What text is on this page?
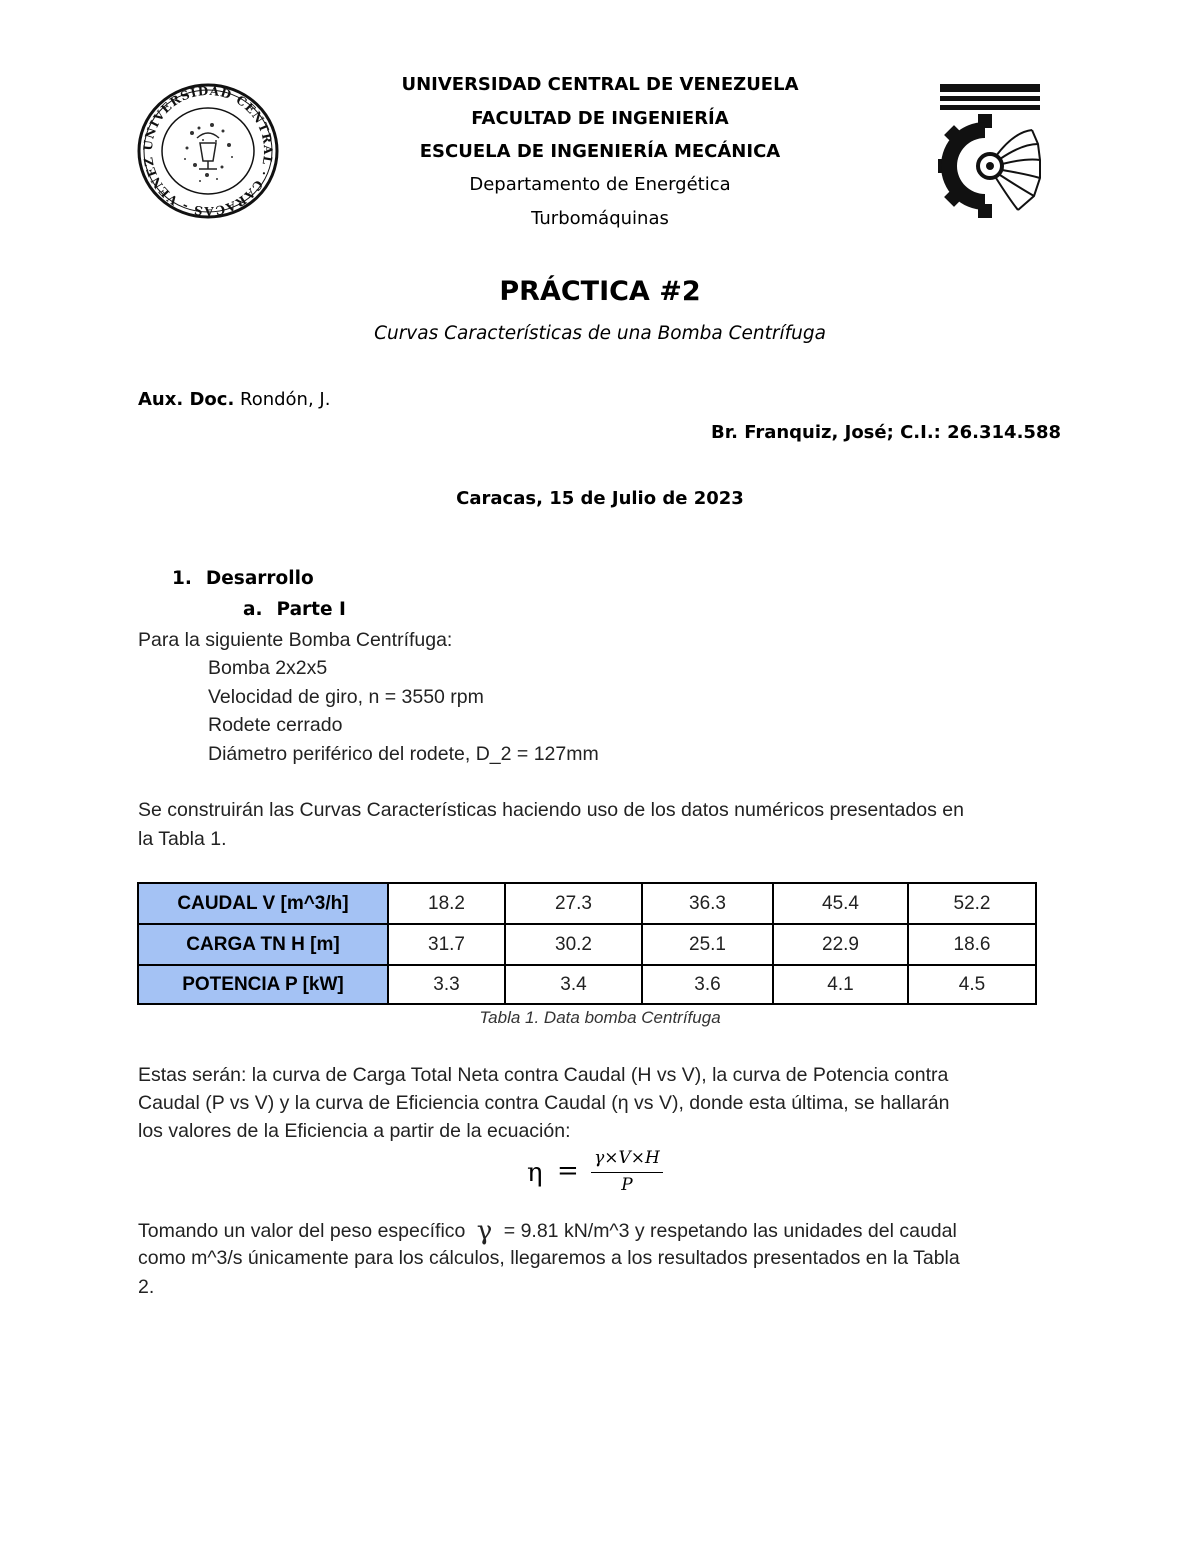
UNIVERSIDAD CENTRAL · CARACAS - VENEZ
UNIVERSIDAD CENTRAL DE VENEZUELA
FACULTAD DE INGENIERÍA
ESCUELA DE INGENIERÍA MECÁNICA
Departamento de Energética
Turbomáquinas
PRÁCTICA #2
Curvas Características de una Bomba Centrífuga
Aux. Doc. Rondón, J.
Br. Franquiz, José; C.I.: 26.314.588
Caracas, 15 de Julio de 2023
1. Desarrollo
a. Parte I
Para la siguiente Bomba Centrífuga:
Bomba 2x2x5
Velocidad de giro, n = 3550 rpm
Rodete cerrado
Diámetro periférico del rodete, D_2 = 127mm
Se construirán las Curvas Características haciendo uso de los datos numéricos presentados en
la Tabla 1.
CAUDAL V [m^3/h]	18.2	27.3	36.3	45.4	52.2
CARGA TN H [m]	31.7	30.2	25.1	22.9	18.6
POTENCIA P [kW]	3.3	3.4	3.6	4.1	4.5
Tabla 1. Data bomba Centrífuga
Estas serán: la curva de Carga Total Neta contra Caudal (H vs V), la curva de Potencia contra
Caudal (P vs V) y la curva de Eficiencia contra Caudal (η vs V), donde esta última, se hallarán
los valores de la Eficiencia a partir de la ecuación:
η = γ×V×H
P
Tomando un valor del peso específico γ = 9.81 kN/m^3 y respetando las unidades del caudal
como m^3/s únicamente para los cálculos, llegaremos a los resultados presentados en la Tabla
2.
